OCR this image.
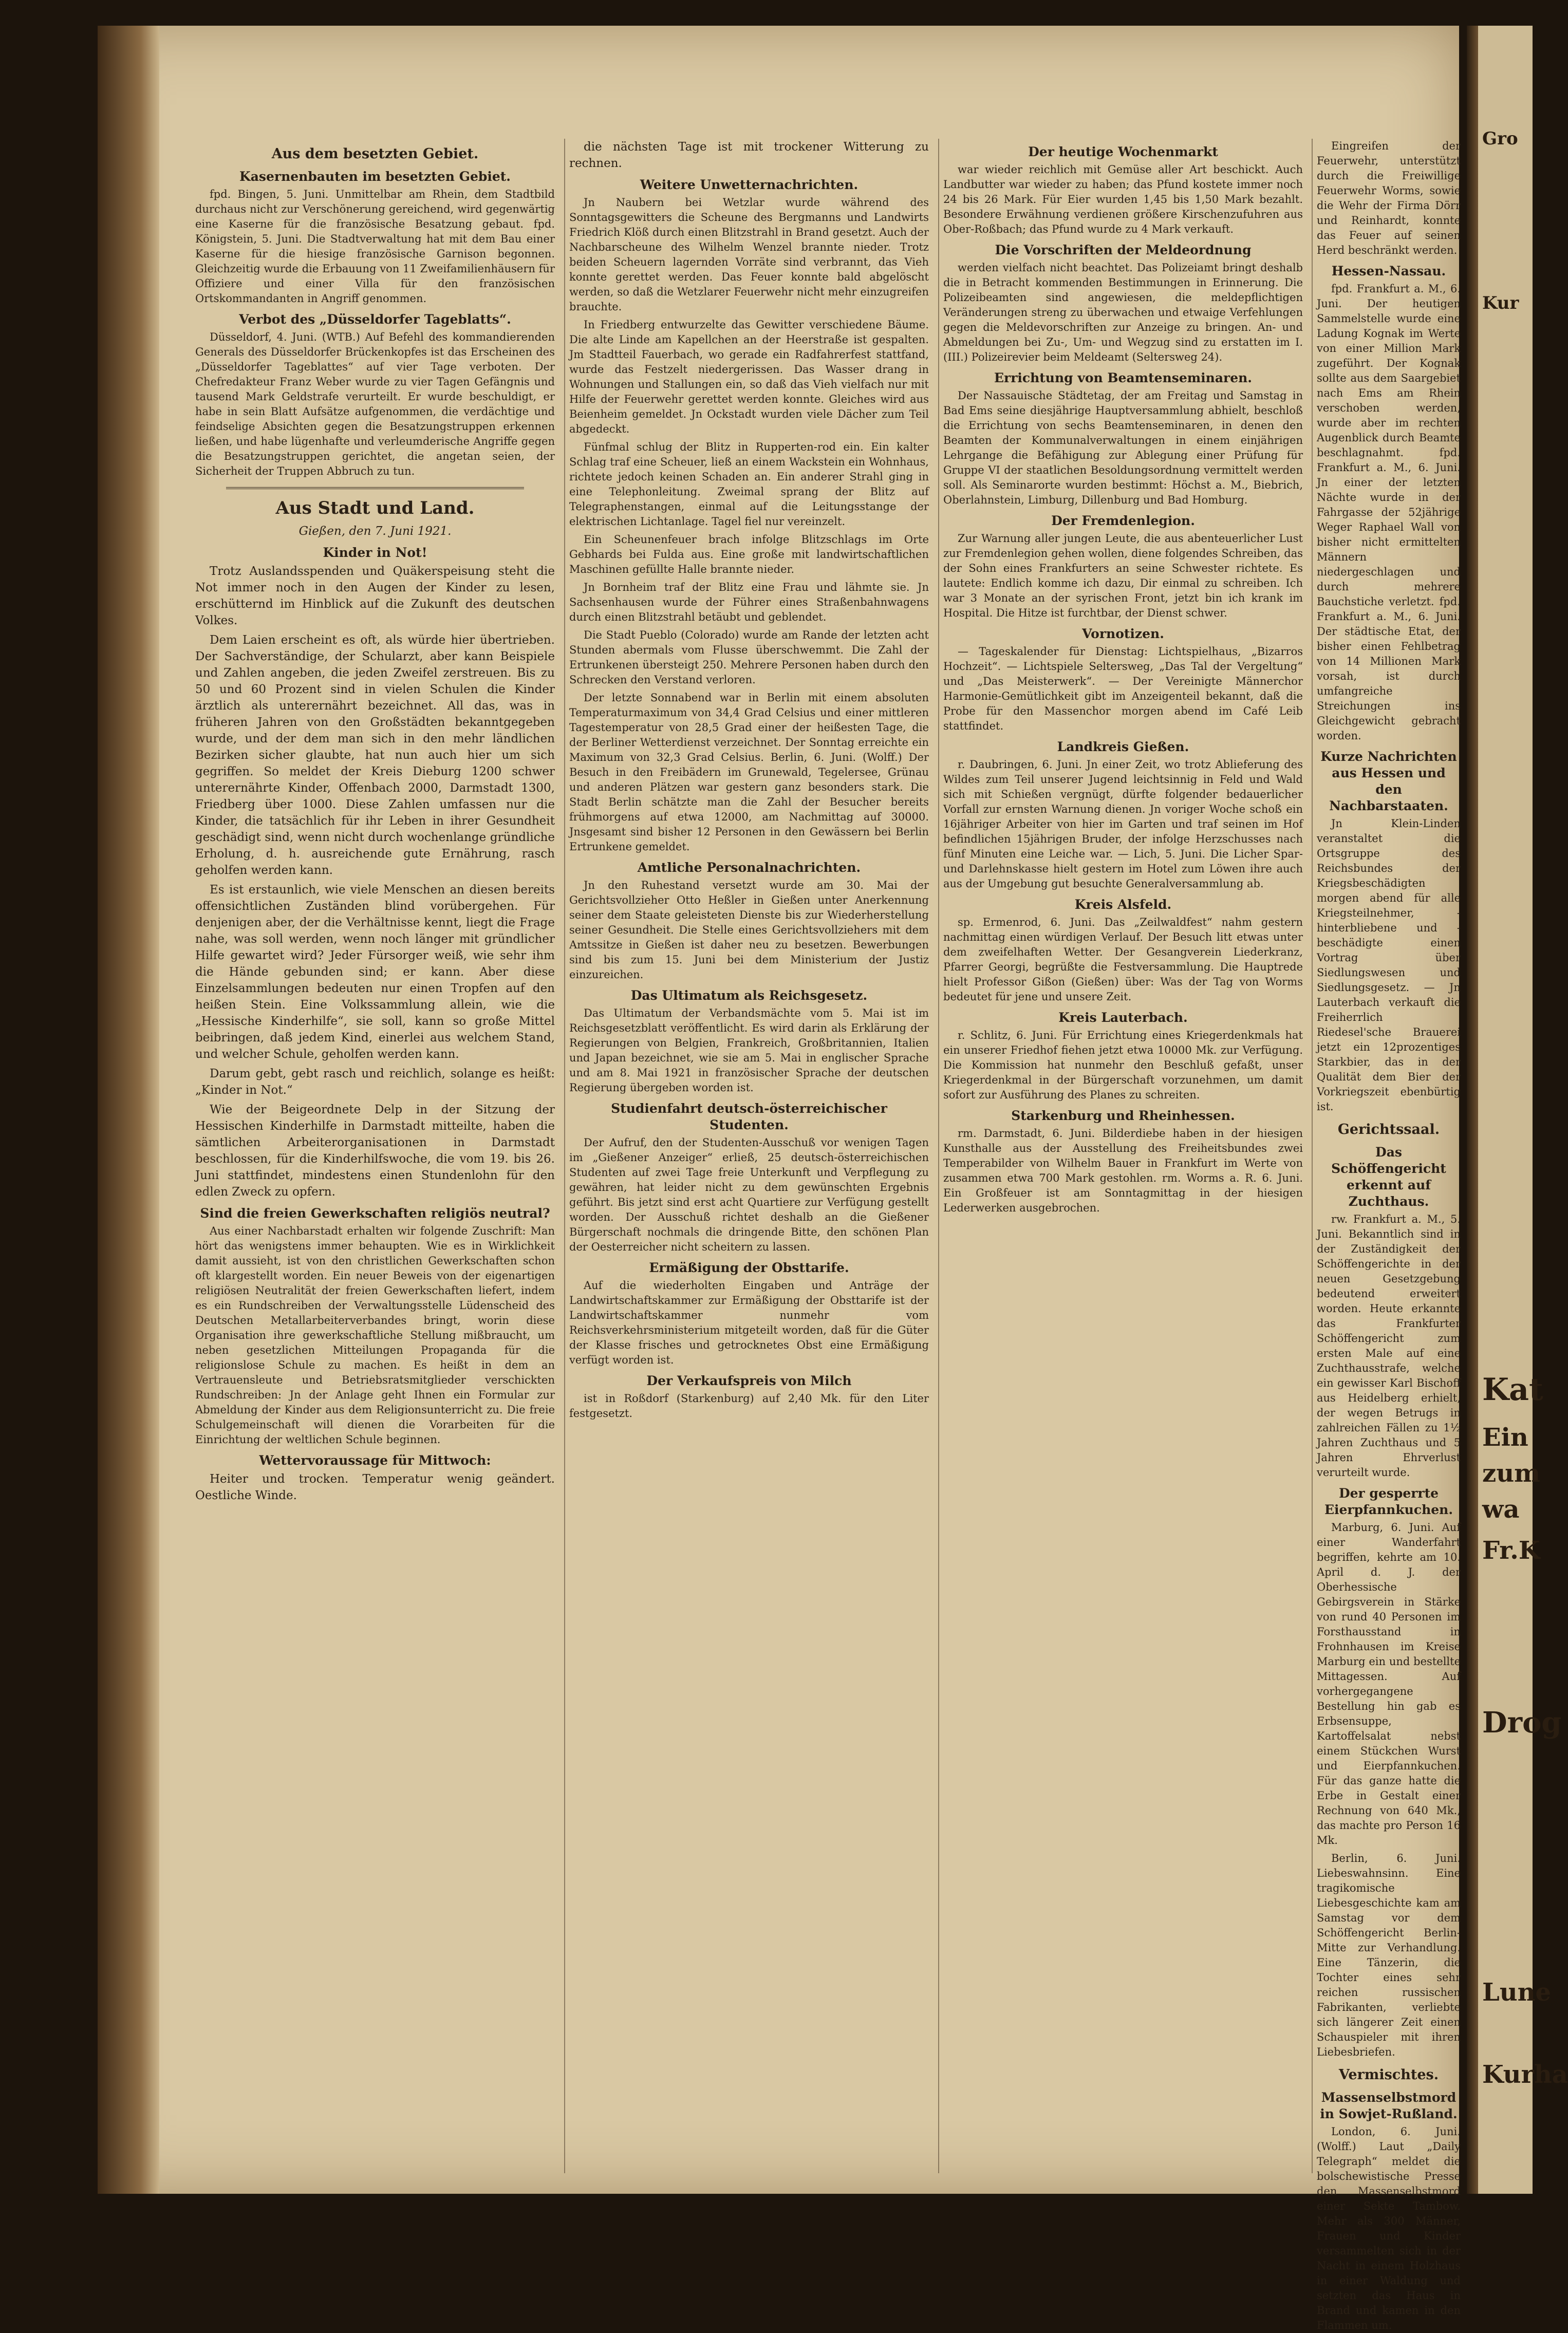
Aus dem besetzten Gebiet.
Kasernenbauten im besetzten Gebiet.

fpd. Bingen, 5. Juni. Unmittelbar am Rhein, dem Stadtbild durchaus nicht zur Verschönerung gereichend, wird gegenwärtig eine Kaserne für die französische Besatzung gebaut. fpd. Königstein, 5. Juni. Die Stadtverwaltung hat mit dem Bau einer Kaserne für die hiesige französische Garnison begonnen. Gleichzeitig wurde die Erbauung von 11 Zweifamilienhäusern für Offiziere und einer Villa für den französischen Ortskommandanten in Angriff genommen.

Verbot des „Düsseldorfer Tageblatts“.

Düsseldorf, 4. Juni. (WTB.) Auf Befehl des kommandierenden Generals des Düsseldorfer Brückenkopfes ist das Erscheinen des „Düsseldorfer Tageblattes“ auf vier Tage verboten. Der Chefredakteur Franz Weber wurde zu vier Tagen Gefängnis und tausend Mark Geldstrafe verurteilt. Er wurde beschuldigt, er habe in sein Blatt Aufsätze aufgenommen, die verdächtige und feindselige Absichten gegen die Besatzungstruppen erkennen ließen, und habe lügenhafte und verleumderische Angriffe gegen die Besatzungstruppen gerichtet, die angetan seien, der Sicherheit der Truppen Abbruch zu tun.

Aus Stadt und Land.
Gießen, den 7. Juni 1921.
Kinder in Not!

Trotz Auslandsspenden und Quäkerspeisung steht die Not immer noch in den Augen der Kinder zu lesen, erschütternd im Hinblick auf die Zukunft des deutschen Volkes.

Dem Laien erscheint es oft, als würde hier übertrieben. Der Sachverständige, der Schularzt, aber kann Beispiele und Zahlen angeben, die jeden Zweifel zerstreuen. Bis zu 50 und 60 Prozent sind in vielen Schulen die Kinder ärztlich als unterernährt bezeichnet. All das, was in früheren Jahren von den Großstädten bekanntgegeben wurde, und der dem man sich in den mehr ländlichen Bezirken sicher glaubte, hat nun auch hier um sich gegriffen. So meldet der Kreis Dieburg 1200 schwer unterernährte Kinder, Offenbach 2000, Darmstadt 1300, Friedberg über 1000. Diese Zahlen umfassen nur die Kinder, die tatsächlich für ihr Leben in ihrer Gesundheit geschädigt sind, wenn nicht durch wochenlange gründliche Erholung, d. h. ausreichende gute Ernährung, rasch geholfen werden kann.

Es ist erstaunlich, wie viele Menschen an diesen bereits offensichtlichen Zuständen blind vorübergehen. Für denjenigen aber, der die Verhältnisse kennt, liegt die Frage nahe, was soll werden, wenn noch länger mit gründlicher Hilfe gewartet wird? Jeder Fürsorger weiß, wie sehr ihm die Hände gebunden sind; er kann. Aber diese Einzelsammlungen bedeuten nur einen Tropfen auf den heißen Stein. Eine Volkssammlung allein, wie die „Hessische Kinderhilfe“, sie soll, kann so große Mittel beibringen, daß jedem Kind, einerlei aus welchem Stand, und welcher Schule, geholfen werden kann.

Darum gebt, gebt rasch und reichlich, solange es heißt: „Kinder in Not.“

Wie der Beigeordnete Delp in der Sitzung der Hessischen Kinderhilfe in Darmstadt mitteilte, haben die sämtlichen Arbeiterorganisationen in Darmstadt beschlossen, für die Kinderhilfswoche, die vom 19. bis 26. Juni stattfindet, mindestens einen Stundenlohn für den edlen Zweck zu opfern.

Sind die freien Gewerkschaften religiös neutral?

Aus einer Nachbarstadt erhalten wir folgende Zuschrift: Man hört das wenigstens immer behaupten. Wie es in Wirklichkeit damit aussieht, ist von den christlichen Gewerkschaften schon oft klargestellt worden. Ein neuer Beweis von der eigenartigen religiösen Neutralität der freien Gewerkschaften liefert, indem es ein Rundschreiben der Verwaltungsstelle Lüdenscheid des Deutschen Metallarbeiterverbandes bringt, worin diese Organisation ihre gewerkschaftliche Stellung mißbraucht, um neben gesetzlichen Mitteilungen Propaganda für die religionslose Schule zu machen. Es heißt in dem an Vertrauensleute und Betriebsratsmitglieder verschickten Rundschreiben: Jn der Anlage geht Ihnen ein Formular zur Abmeldung der Kinder aus dem Religionsunterricht zu. Die freie Schulgemeinschaft will dienen die Vorarbeiten für die Einrichtung der weltlichen Schule beginnen.

Wettervoraussage für Mittwoch:

Heiter und trocken. Temperatur wenig geändert. Oestliche Winde.

die nächsten Tage ist mit trockener Witterung zu rechnen.

Weitere Unwetternachrichten.

Jn Naubern bei Wetzlar wurde während des Sonntagsgewitters die Scheune des Bergmanns und Landwirts Friedrich Klöß durch einen Blitzstrahl in Brand gesetzt. Auch der Nachbarscheune des Wilhelm Wenzel brannte nieder. Trotz beiden Scheuern lagernden Vorräte sind verbrannt, das Vieh konnte gerettet werden. Das Feuer konnte bald abgelöscht werden, so daß die Wetzlarer Feuerwehr nicht mehr einzugreifen brauchte.

In Friedberg entwurzelte das Gewitter verschiedene Bäume. Die alte Linde am Kapellchen an der Heerstraße ist gespalten. Jm Stadtteil Fauerbach, wo gerade ein Radfahrerfest stattfand, wurde das Festzelt niedergerissen. Das Wasser drang in Wohnungen und Stallungen ein, so daß das Vieh vielfach nur mit Hilfe der Feuerwehr gerettet werden konnte. Gleiches wird aus Beienheim gemeldet. Jn Ockstadt wurden viele Dächer zum Teil abgedeckt.

Fünfmal schlug der Blitz in Rupperten-rod ein. Ein kalter Schlag traf eine Scheuer, ließ an einem Wackstein ein Wohnhaus, richtete jedoch keinen Schaden an. Ein anderer Strahl ging in eine Telephonleitung. Zweimal sprang der Blitz auf Telegraphenstangen, einmal auf die Leitungsstange der elektrischen Lichtanlage. Tagel fiel nur vereinzelt.

Ein Scheunenfeuer brach infolge Blitzschlags im Orte Gebhards bei Fulda aus. Eine große mit landwirtschaftlichen Maschinen gefüllte Halle brannte nieder.

Jn Bornheim traf der Blitz eine Frau und lähmte sie. Jn Sachsenhausen wurde der Führer eines Straßenbahnwagens durch einen Blitzstrahl betäubt und geblendet.

Die Stadt Pueblo (Colorado) wurde am Rande der letzten acht Stunden abermals vom Flusse überschwemmt. Die Zahl der Ertrunkenen übersteigt 250. Mehrere Personen haben durch den Schrecken den Verstand verloren.

Der letzte Sonnabend war in Berlin mit einem absoluten Temperaturmaximum von 34,4 Grad Celsius und einer mittleren Tagestemperatur von 28,5 Grad einer der heißesten Tage, die der Berliner Wetterdienst verzeichnet. Der Sonntag erreichte ein Maximum von 32,3 Grad Celsius. Berlin, 6. Juni. (Wolff.) Der Besuch in den Freibädern im Grunewald, Tegelersee, Grünau und anderen Plätzen war gestern ganz besonders stark. Die Stadt Berlin schätzte man die Zahl der Besucher bereits frühmorgens auf etwa 12000, am Nachmittag auf 30000. Jnsgesamt sind bisher 12 Personen in den Gewässern bei Berlin Ertrunkene gemeldet.

Amtliche Personalnachrichten.

Jn den Ruhestand versetzt wurde am 30. Mai der Gerichtsvollzieher Otto Heßler in Gießen unter Anerkennung seiner dem Staate geleisteten Dienste bis zur Wiederherstellung seiner Gesundheit. Die Stelle eines Gerichtsvollziehers mit dem Amtssitze in Gießen ist daher neu zu besetzen. Bewerbungen sind bis zum 15. Juni bei dem Ministerium der Justiz einzureichen.

Das Ultimatum als Reichsgesetz.

Das Ultimatum der Verbandsmächte vom 5. Mai ist im Reichsgesetzblatt veröffentlicht. Es wird darin als Erklärung der Regierungen von Belgien, Frankreich, Großbritannien, Italien und Japan bezeichnet, wie sie am 5. Mai in englischer Sprache und am 8. Mai 1921 in französischer Sprache der deutschen Regierung übergeben worden ist.

Studienfahrt deutsch-österreichischer Studenten.

Der Aufruf, den der Studenten-Ausschuß vor wenigen Tagen im „Gießener Anzeiger“ erließ, 25 deutsch-österreichischen Studenten auf zwei Tage freie Unterkunft und Verpflegung zu gewähren, hat leider nicht zu dem gewünschten Ergebnis geführt. Bis jetzt sind erst acht Quartiere zur Verfügung gestellt worden. Der Ausschuß richtet deshalb an die Gießener Bürgerschaft nochmals die dringende Bitte, den schönen Plan der Oesterreicher nicht scheitern zu lassen.

Ermäßigung der Obsttarife.

Auf die wiederholten Eingaben und Anträge der Landwirtschaftskammer zur Ermäßigung der Obsttarife ist der Landwirtschaftskammer nunmehr vom Reichsverkehrsministerium mitgeteilt worden, daß für die Güter der Klasse frisches und getrocknetes Obst eine Ermäßigung verfügt worden ist.

Der Verkaufspreis von Milch

ist in Roßdorf (Starkenburg) auf 2,40 Mk. für den Liter festgesetzt.

Der heutige Wochenmarkt

war wieder reichlich mit Gemüse aller Art beschickt. Auch Landbutter war wieder zu haben; das Pfund kostete immer noch 24 bis 26 Mark. Für Eier wurden 1,45 bis 1,50 Mark bezahlt. Besondere Erwähnung verdienen größere Kirschenzufuhren aus Ober-Roßbach; das Pfund wurde zu 4 Mark verkauft.

Die Vorschriften der Meldeordnung

werden vielfach nicht beachtet. Das Polizeiamt bringt deshalb die in Betracht kommenden Bestimmungen in Erinnerung. Die Polizeibeamten sind angewiesen, die meldepflichtigen Veränderungen streng zu überwachen und etwaige Verfehlungen gegen die Meldevorschriften zur Anzeige zu bringen. An- und Abmeldungen bei Zu-, Um- und Wegzug sind zu erstatten im I. (III.) Polizeirevier beim Meldeamt (Seltersweg 24).

Errichtung von Beamtenseminaren.

Der Nassauische Städtetag, der am Freitag und Samstag in Bad Ems seine diesjährige Hauptversammlung abhielt, beschloß die Errichtung von sechs Beamtenseminaren, in denen den Beamten der Kommunalverwaltungen in einem einjährigen Lehrgange die Befähigung zur Ablegung einer Prüfung für Gruppe VI der staatlichen Besoldungsordnung vermittelt werden soll. Als Seminarorte wurden bestimmt: Höchst a. M., Biebrich, Oberlahnstein, Limburg, Dillenburg und Bad Homburg.

Der Fremdenlegion.

Zur Warnung aller jungen Leute, die aus abenteuerlicher Lust zur Fremdenlegion gehen wollen, diene folgendes Schreiben, das der Sohn eines Frankfurters an seine Schwester richtete. Es lautete: Endlich komme ich dazu, Dir einmal zu schreiben. Ich war 3 Monate an der syrischen Front, jetzt bin ich krank im Hospital. Die Hitze ist furchtbar, der Dienst schwer.

Vornotizen.

— Tageskalender für Dienstag: Lichtspielhaus, „Bizarros Hochzeit“. — Lichtspiele Seltersweg, „Das Tal der Vergeltung“ und „Das Meisterwerk“. — Der Vereinigte Männerchor Harmonie-Gemütlichkeit gibt im Anzeigenteil bekannt, daß die Probe für den Massenchor morgen abend im Café Leib stattfindet.

Landkreis Gießen.

r. Daubringen, 6. Juni. Jn einer Zeit, wo trotz Ablieferung des Wildes zum Teil unserer Jugend leichtsinnig in Feld und Wald sich mit Schießen vergnügt, dürfte folgender bedauerlicher Vorfall zur ernsten Warnung dienen. Jn voriger Woche schoß ein 16jähriger Arbeiter von hier im Garten und traf seinen im Hof befindlichen 15jährigen Bruder, der infolge Herzschusses nach fünf Minuten eine Leiche war. — Lich, 5. Juni. Die Licher Spar- und Darlehnskasse hielt gestern im Hotel zum Löwen ihre auch aus der Umgebung gut besuchte Generalversammlung ab.

Kreis Alsfeld.

sp. Ermenrod, 6. Juni. Das „Zeilwaldfest“ nahm gestern nachmittag einen würdigen Verlauf. Der Besuch litt etwas unter dem zweifelhaften Wetter. Der Gesangverein Liederkranz, Pfarrer Georgi, begrüßte die Festversammlung. Die Hauptrede hielt Professor Gißon (Gießen) über: Was der Tag von Worms bedeutet für jene und unsere Zeit.

Kreis Lauterbach.

r. Schlitz, 6. Juni. Für Errichtung eines Kriegerdenkmals hat ein unserer Friedhof fiehen jetzt etwa 10000 Mk. zur Verfügung. Die Kommission hat nunmehr den Beschluß gefaßt, unser Kriegerdenkmal in der Bürgerschaft vorzunehmen, um damit sofort zur Ausführung des Planes zu schreiten.

Starkenburg und Rheinhessen.

rm. Darmstadt, 6. Juni. Bilderdiebe haben in der hiesigen Kunsthalle aus der Ausstellung des Freiheitsbundes zwei Temperabilder von Wilhelm Bauer in Frankfurt im Werte von zusammen etwa 700 Mark gestohlen. rm. Worms a. R. 6. Juni. Ein Großfeuer ist am Sonntagmittag in der hiesigen Lederwerken ausgebrochen.

Eingreifen der Feuerwehr, unterstützt durch die Freiwillige Feuerwehr Worms, sowie die Wehr der Firma Dörr und Reinhardt, konnte das Feuer auf seinen Herd beschränkt werden.

Hessen-Nassau.

fpd. Frankfurt a. M., 6. Juni. Der heutigen Sammelstelle wurde eine Ladung Kognak im Werte von einer Million Mark zugeführt. Der Kognak sollte aus dem Saargebiet nach Ems am Rhein verschoben werden, wurde aber im rechten Augenblick durch Beamte beschlagnahmt. fpd. Frankfurt a. M., 6. Juni. Jn einer der letzten Nächte wurde in der Fahrgasse der 52jährige Weger Raphael Wall von bisher nicht ermittelten Männern niedergeschlagen und durch mehrere Bauchstiche verletzt. fpd. Frankfurt a. M., 6. Juni. Der städtische Etat, der bisher einen Fehlbetrag von 14 Millionen Mark vorsah, ist durch umfangreiche Streichungen ins Gleichgewicht gebracht worden.

Kurze Nachrichten aus Hessen und den Nachbarstaaten.

Jn Klein-Linden veranstaltet die Ortsgruppe des Reichsbundes der Kriegsbeschädigten morgen abend für alle Kriegsteilnehmer, -hinterbliebene und -beschädigte einen Vortrag über Siedlungswesen und Siedlungsgesetz. — Jn Lauterbach verkauft die Freiherrlich Riedesel'sche Brauerei jetzt ein 12prozentiges Starkbier, das in der Qualität dem Bier der Vorkriegszeit ebenbürtig ist.

Gerichtssaal.
Das Schöffengericht erkennt auf Zuchthaus.

rw. Frankfurt a. M., 5. Juni. Bekanntlich sind in der Zuständigkeit der Schöffengerichte in der neuen Gesetzgebung bedeutend erweitert worden. Heute erkannte das Frankfurter Schöffengericht zum ersten Male auf eine Zuchthausstrafe, welche ein gewisser Karl Bischoff aus Heidelberg erhielt, der wegen Betrugs in zahlreichen Fällen zu 1½ Jahren Zuchthaus und 5 Jahren Ehrverlust verurteilt wurde.

Der gesperrte Eierpfannkuchen.

Marburg, 6. Juni. Auf einer Wanderfahrt begriffen, kehrte am 10. April d. J. der Oberhessische Gebirgsverein in Stärke von rund 40 Personen im Forsthausstand in Frohnhausen im Kreise Marburg ein und bestellte Mittagessen. Auf vorhergegangene Bestellung hin gab es Erbsensuppe, Kartoffelsalat nebst einem Stückchen Wurst und Eierpfannkuchen. Für das ganze hatte die Erbe in Gestalt einer Rechnung von 640 Mk., das machte pro Person 16 Mk.

Berlin, 6. Juni. Liebeswahnsinn. Eine tragikomische Liebesgeschichte kam am Samstag vor dem Schöffengericht Berlin-Mitte zur Verhandlung. Eine Tänzerin, die Tochter eines sehr reichen russischen Fabrikanten, verliebte sich längerer Zeit einen Schauspieler mit ihren Liebesbriefen.

Vermischtes.
Massenselbstmord in Sowjet-Rußland.

London, 6. Juni. (Wolff.) Laut „Daily Telegraph“ meldet die bolschewistische Presse den Massenselbstmord einer Sekte Tambow. Mehr als 300 Männer, Frauen und Kinder versammelten sich in der Nacht in einem Holzhaus in einer Waldung und setzten das Haus in Brand und kamen in den Flammen um.

Gro
Kur
Kat
Ein
zum
wa
Fr.K
Drog
Lune
Kurha
